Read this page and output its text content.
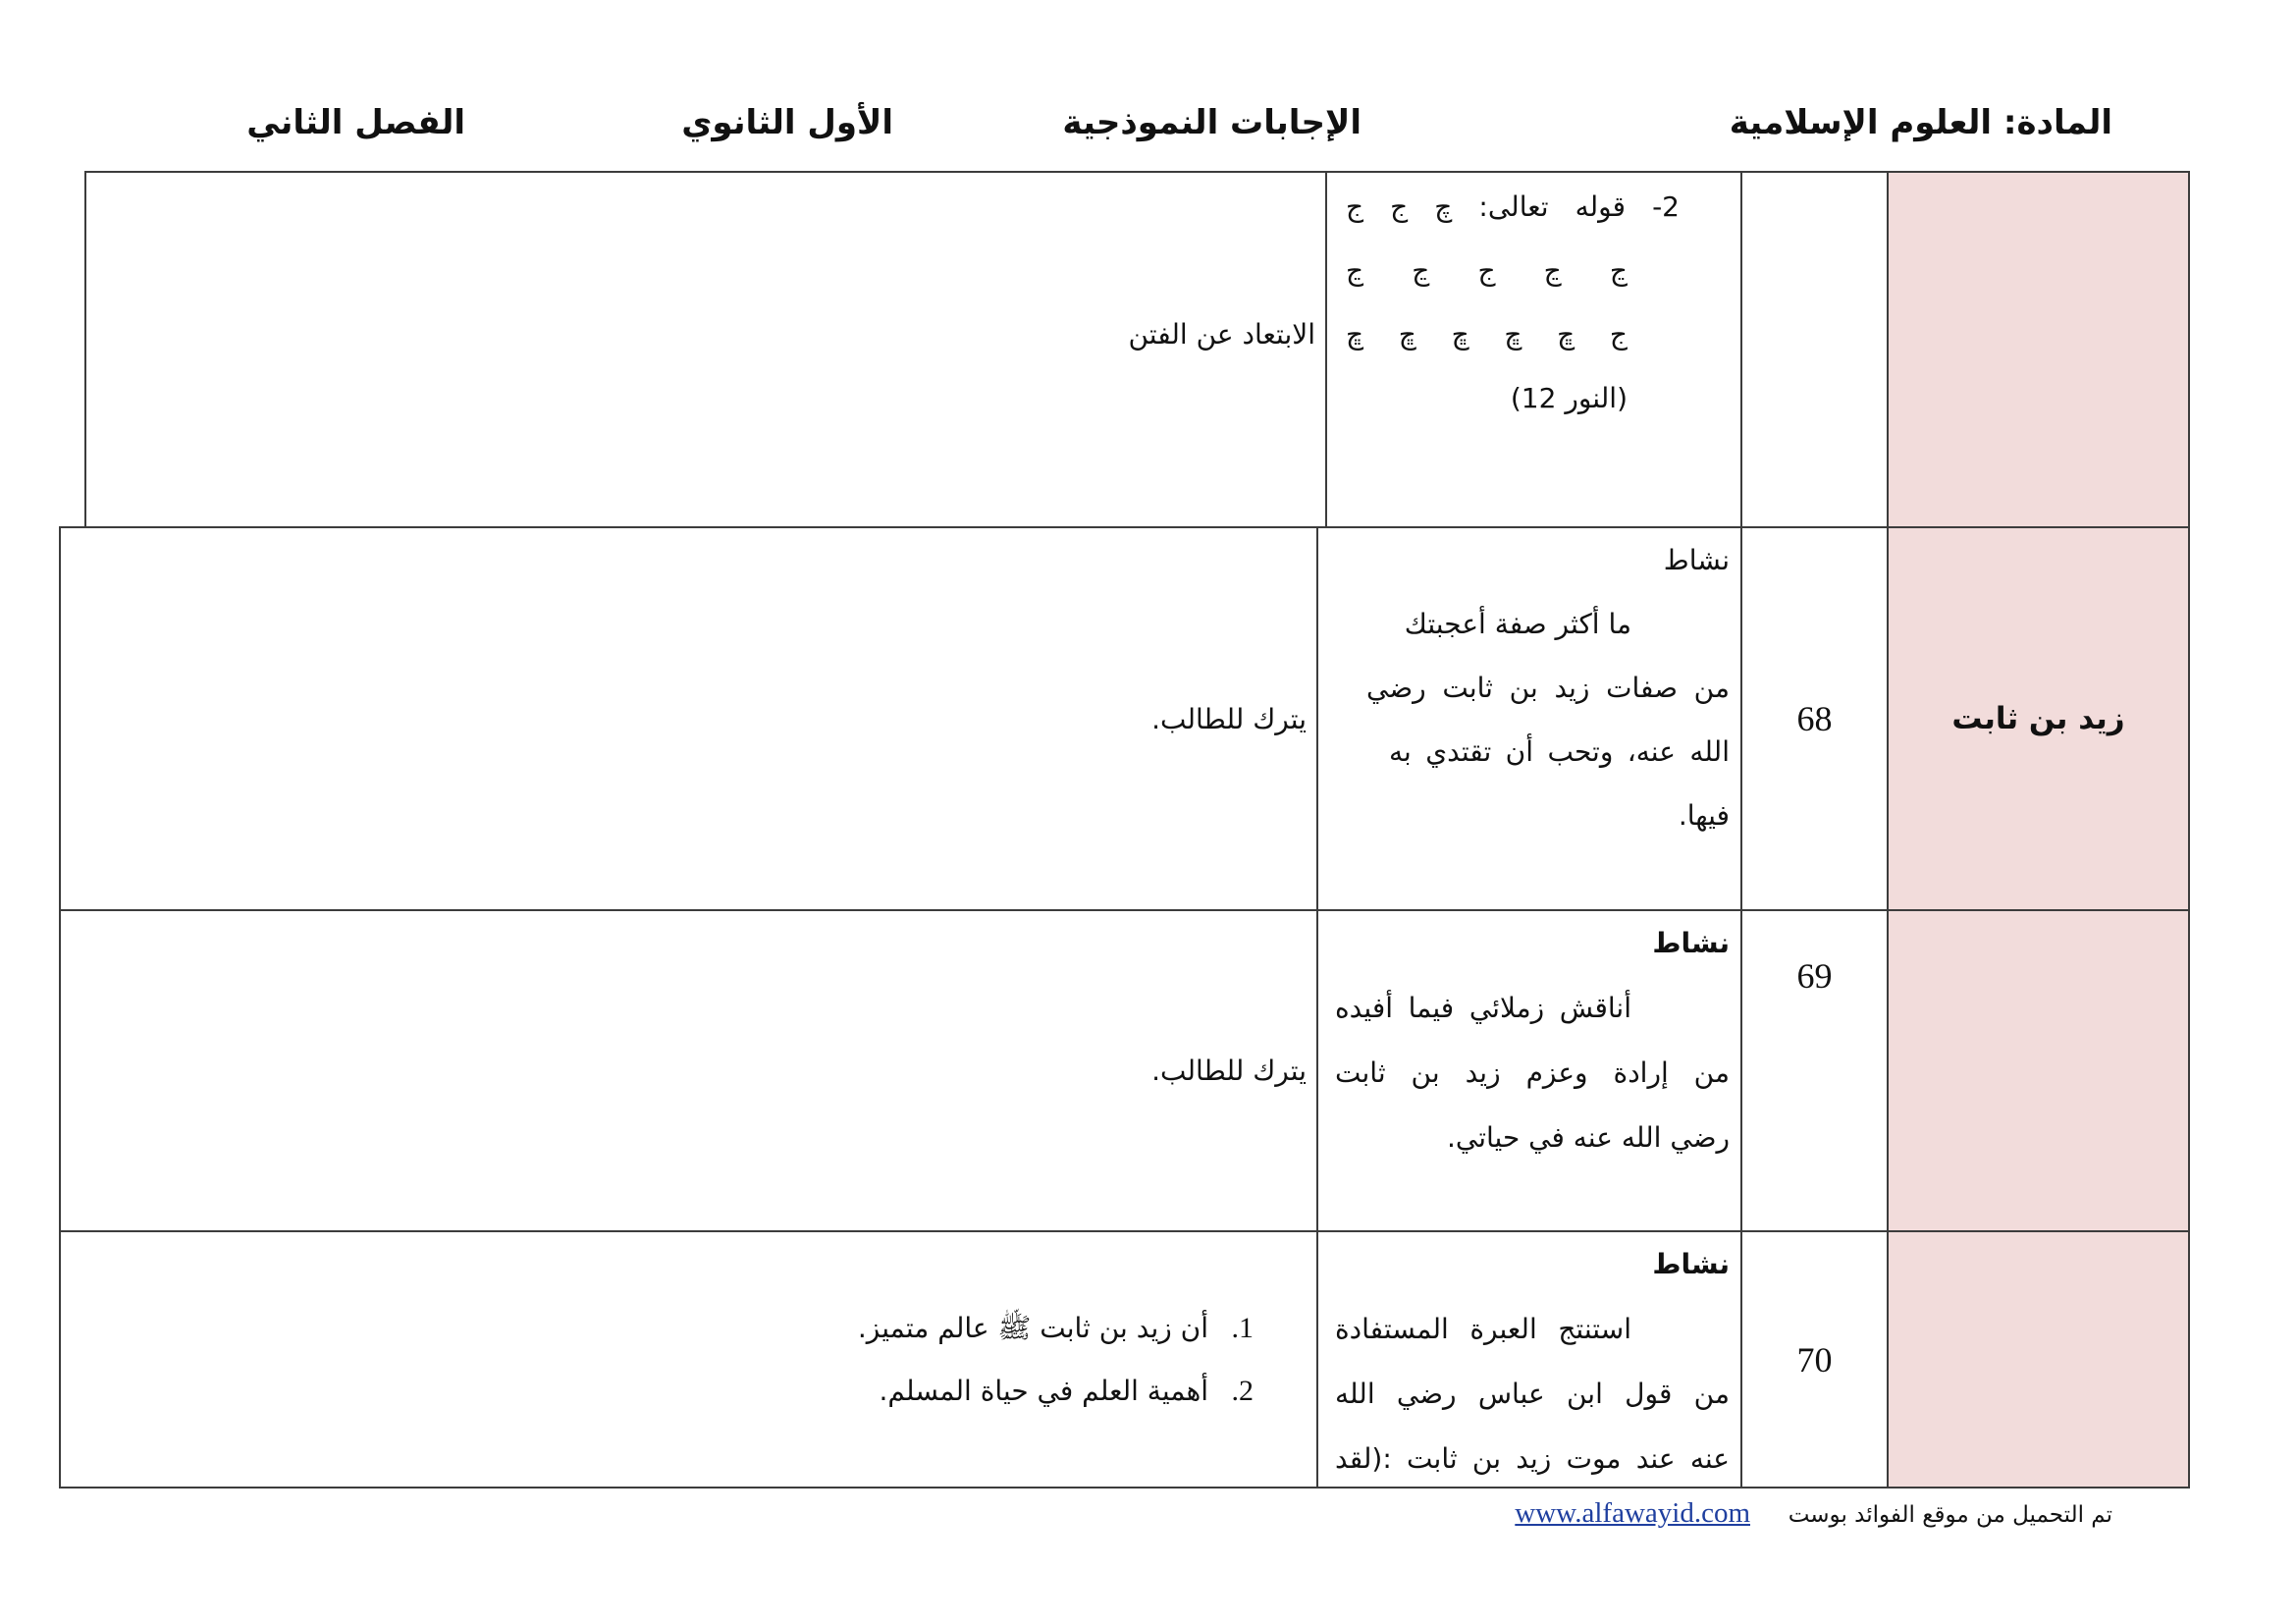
المادة: العلوم الإسلامية
الإجابات النموذجية
الأول الثانوي
الفصل الثاني
الابتعاد عن الفتن
2- قوله تعالى: چ ج ج
ڃ ڃ ج ڃ ڃ
ج ڇ ڇ ڇ ڇ ڇ
(النور 12)
يترك للطالب.
نشاط
ما أكثر صفة أعجبتك
من صفات زيد بن ثابت رضي
الله عنه، وتحب أن تقتدي به
فيها.
68	زيد بن ثابت
يترك للطالب.
نشاط
أناقش زملائي فيما أفيده
من إرادة وعزم زيد بن ثابت
رضي الله عنه في حياتي.
69
1.
أن زيد بن ثابت ﷺ عالم متميز.
2.
أهمية العلم في حياة المسلم.
نشاط
استنتج العبرة المستفادة
من قول ابن عباس رضي الله
عنه عند موت زيد بن ثابت :(لقد
70
تم التحميل من موقع الفوائد بوست
www.alfawayid.com
